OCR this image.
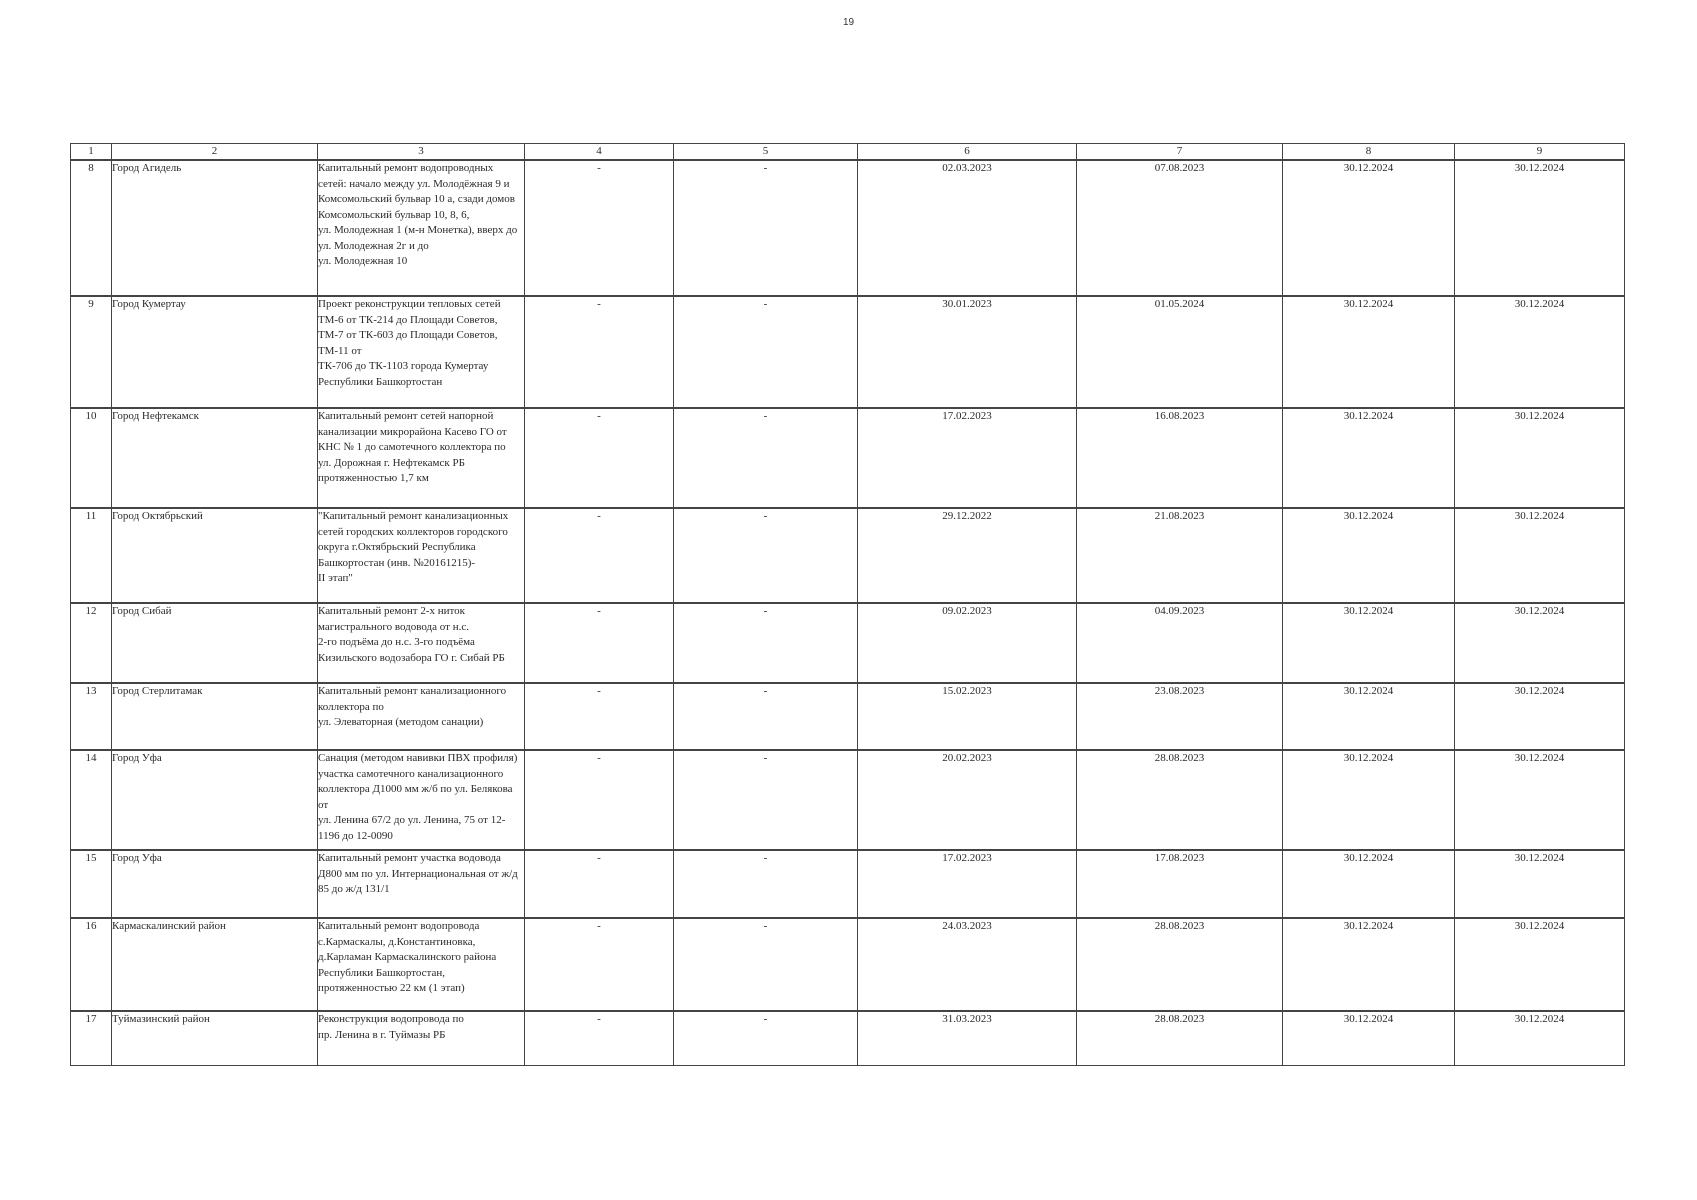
19
1	2	3	4	5	6	7	8	9
8	Город Агидель	Капитальный ремонт водопроводных сетей: начало между ул. Молодёжная 9 и Комсомольский бульвар 10 а, сзади домов
Комсомольский бульвар 10, 8, 6,
ул. Молодежная 1 (м-н Монетка), вверх до ул. Молодежная 2г и до
ул. Молодежная 10	-	-	02.03.2023	07.08.2023	30.12.2024	30.12.2024
9	Город Кумертау	Проект реконструкции тепловых сетей ТМ-6 от ТК-214 до Площади Советов, ТМ-7 от ТК-603 до Площади Советов, ТМ-11 от
ТК-706 до ТК-1103 города Кумертау Республики Башкортостан	-	-	30.01.2023	01.05.2024	30.12.2024	30.12.2024
10	Город Нефтекамск	Капитальный ремонт сетей напорной канализации микрорайона Касево ГО от КНС № 1 до самотечного коллектора по
ул. Дорожная г. Нефтекамск РБ протяженностью 1,7 км	-	-	17.02.2023	16.08.2023	30.12.2024	30.12.2024
11	Город Октябрьский	"Капитальный ремонт канализационных сетей городских коллекторов городского округа г.Октябрьский Республика Башкортостан (инв. №20161215)-
II этап"	-	-	29.12.2022	21.08.2023	30.12.2024	30.12.2024
12	Город Сибай	Капитальный ремонт 2-х ниток магистрального водовода от н.с.
2-го подъёма до н.с. 3-го подъёма Кизильского водозабора ГО г. Сибай РБ	-	-	09.02.2023	04.09.2023	30.12.2024	30.12.2024
13	Город Стерлитамак	Капитальный ремонт канализационного коллектора по
ул. Элеваторная (методом санации)	-	-	15.02.2023	23.08.2023	30.12.2024	30.12.2024
14	Город Уфа	Санация (методом навивки ПВХ профиля) участка самотечного канализационного коллектора Д1000 мм ж/б по ул. Белякова от
ул. Ленина 67/2 до ул. Ленина, 75 от 12-1196 до 12-0090	-	-	20.02.2023	28.08.2023	30.12.2024	30.12.2024
15	Город Уфа	Капитальный ремонт участка водовода Д800 мм по ул. Интернациональная от ж/д 85 до ж/д 131/1	-	-	17.02.2023	17.08.2023	30.12.2024	30.12.2024
16	Кармаскалинский район	Капитальный ремонт водопровода с.Кармаскалы, д.Константиновка, д.Карламан Кармаскалинского района Республики Башкортостан, протяженностью 22 км (1 этап)	-	-	24.03.2023	28.08.2023	30.12.2024	30.12.2024
17	Туймазинский район	Реконструкция водопровода по
пр. Ленина в г. Туймазы РБ	-	-	31.03.2023	28.08.2023	30.12.2024	30.12.2024
